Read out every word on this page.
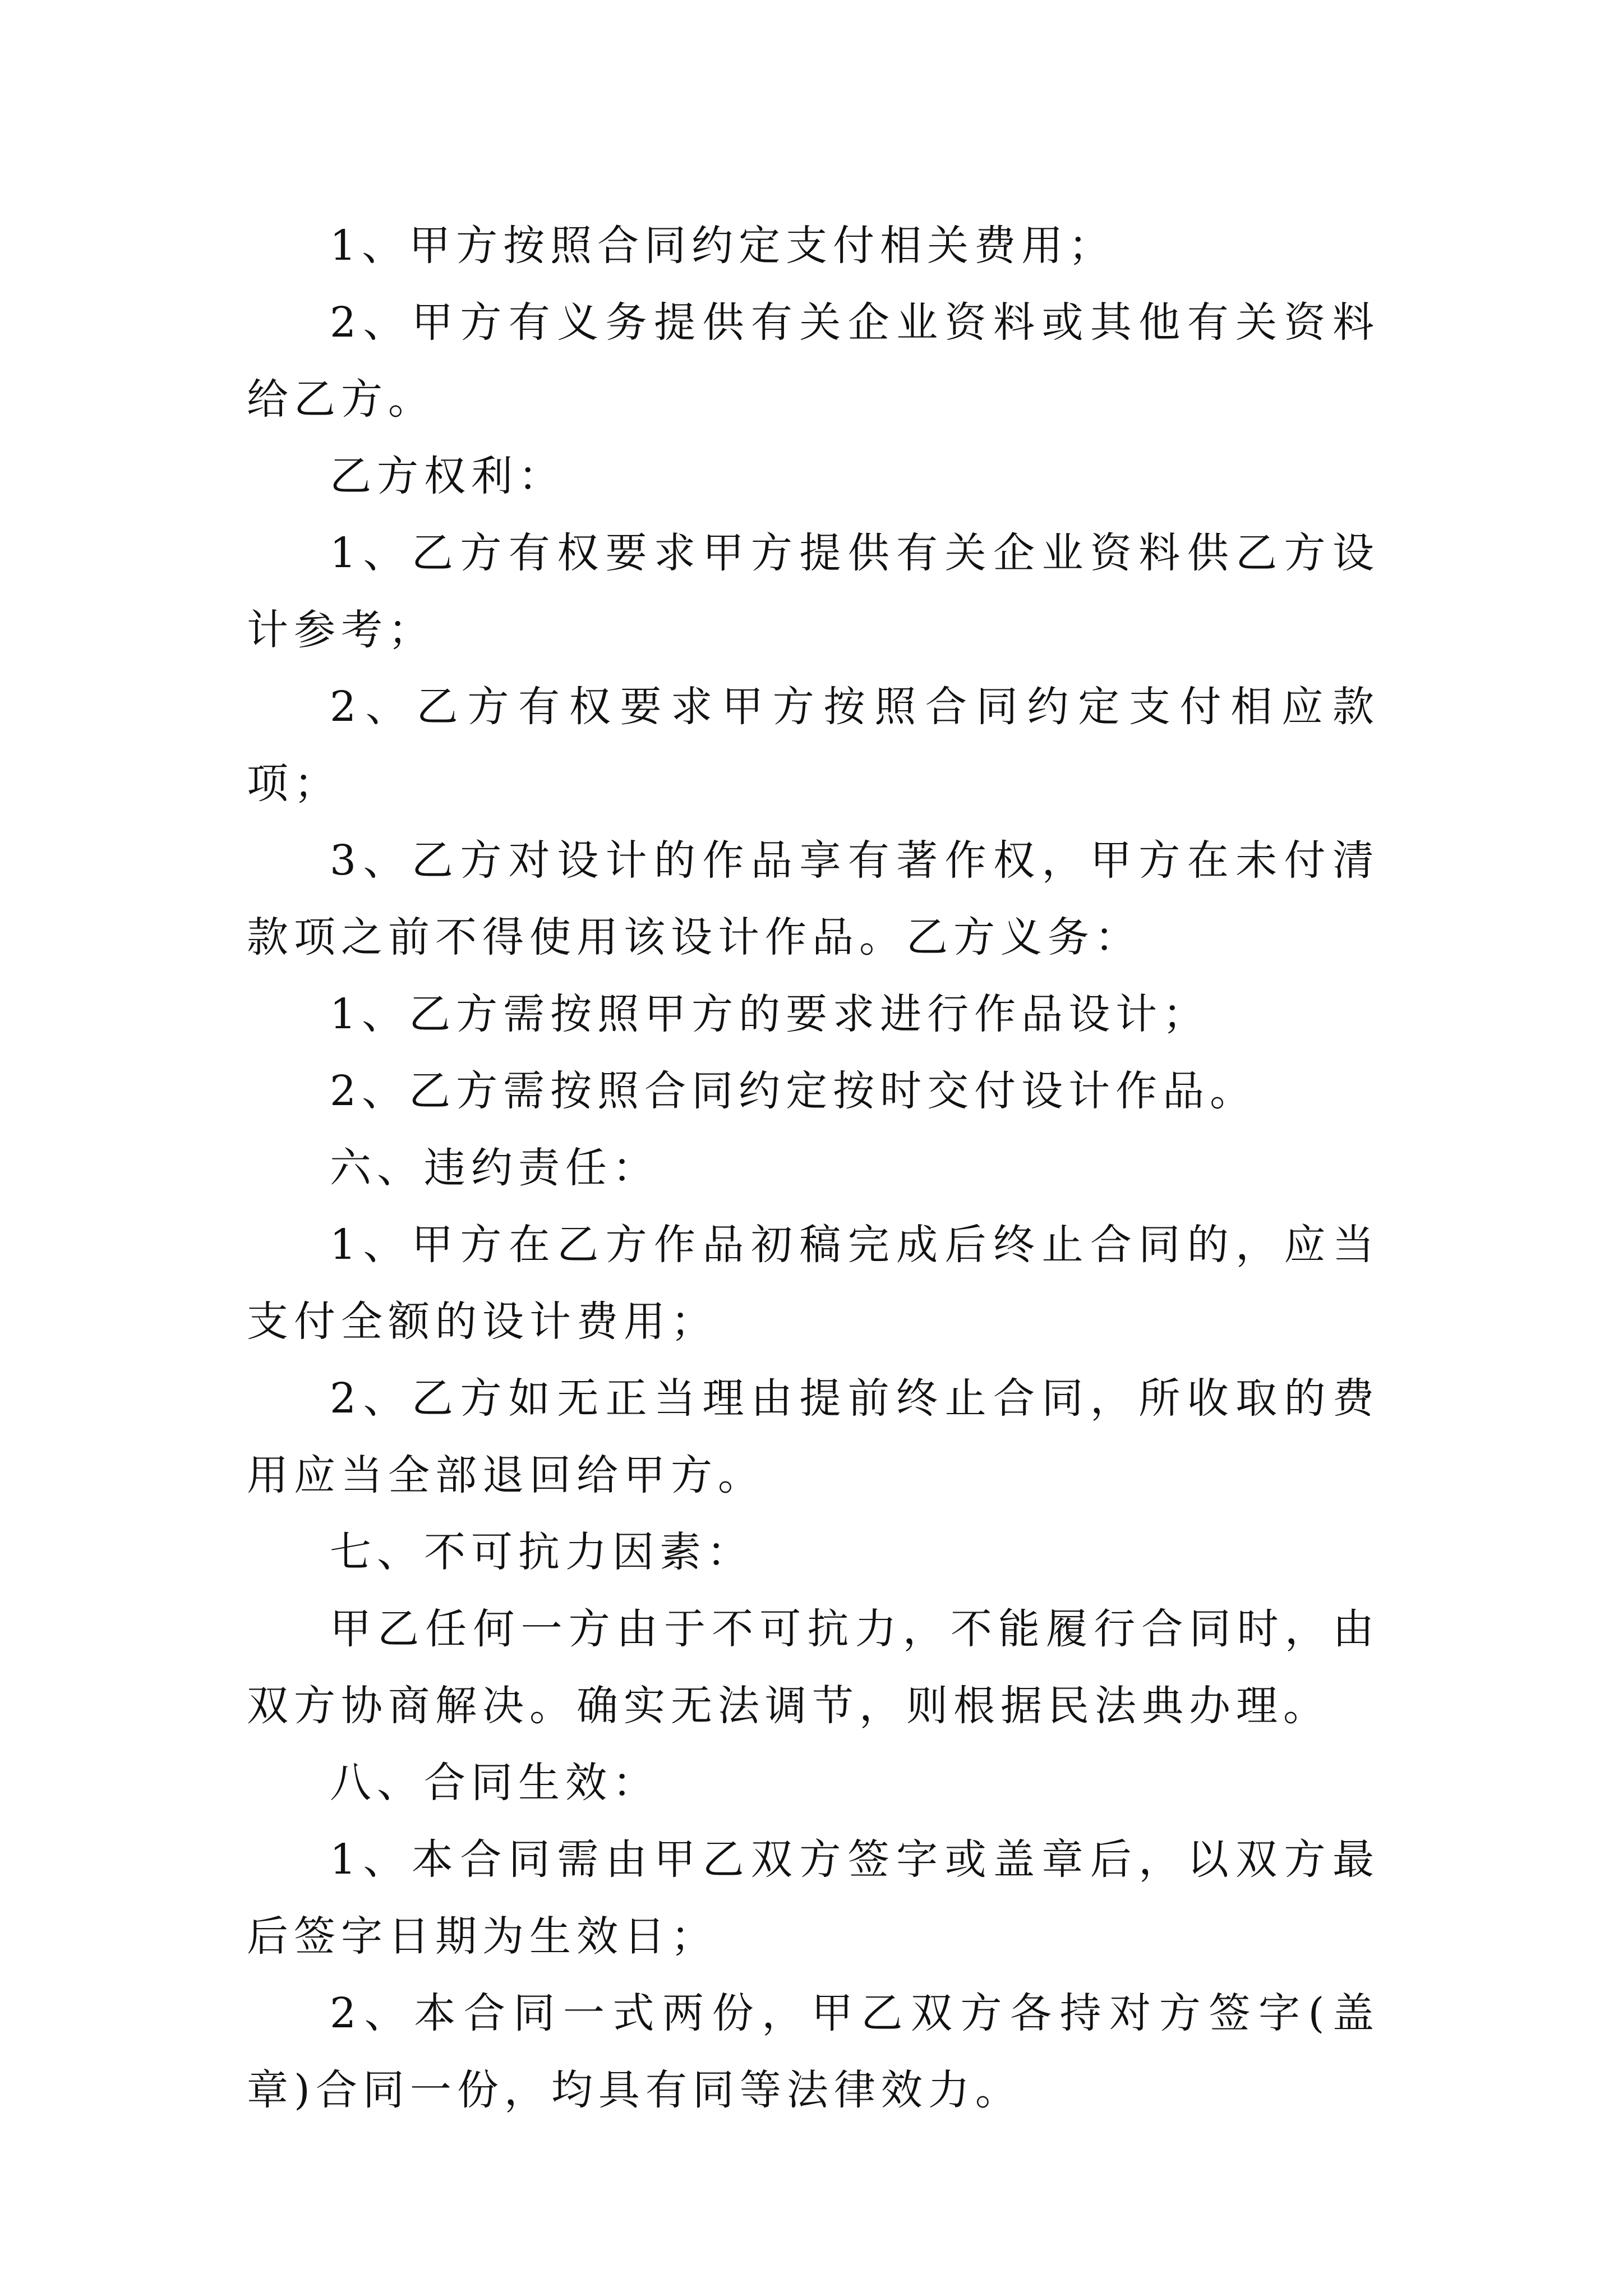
1、甲方按照合同约定支付相关费用；

2、甲方有义务提供有关企业资料或其他有关资料给乙方。

乙方权利：

1、乙方有权要求甲方提供有关企业资料供乙方设计参考；

2、乙方有权要求甲方按照合同约定支付相应款项；

3、乙方对设计的作品享有著作权，甲方在未付清款项之前不得使用该设计作品。乙方义务：

1、乙方需按照甲方的要求进行作品设计；

2、乙方需按照合同约定按时交付设计作品。

六、违约责任：

1、甲方在乙方作品初稿完成后终止合同的，应当支付全额的设计费用；

2、乙方如无正当理由提前终止合同，所收取的费用应当全部退回给甲方。

七、不可抗力因素：

甲乙任何一方由于不可抗力，不能履行合同时，由双方协商解决。确实无法调节，则根据民法典办理。

八、合同生效：

1、本合同需由甲乙双方签字或盖章后，以双方最后签字日期为生效日；

2、本合同一式两份，甲乙双方各持对方签字(盖章)合同一份，均具有同等法律效力。
